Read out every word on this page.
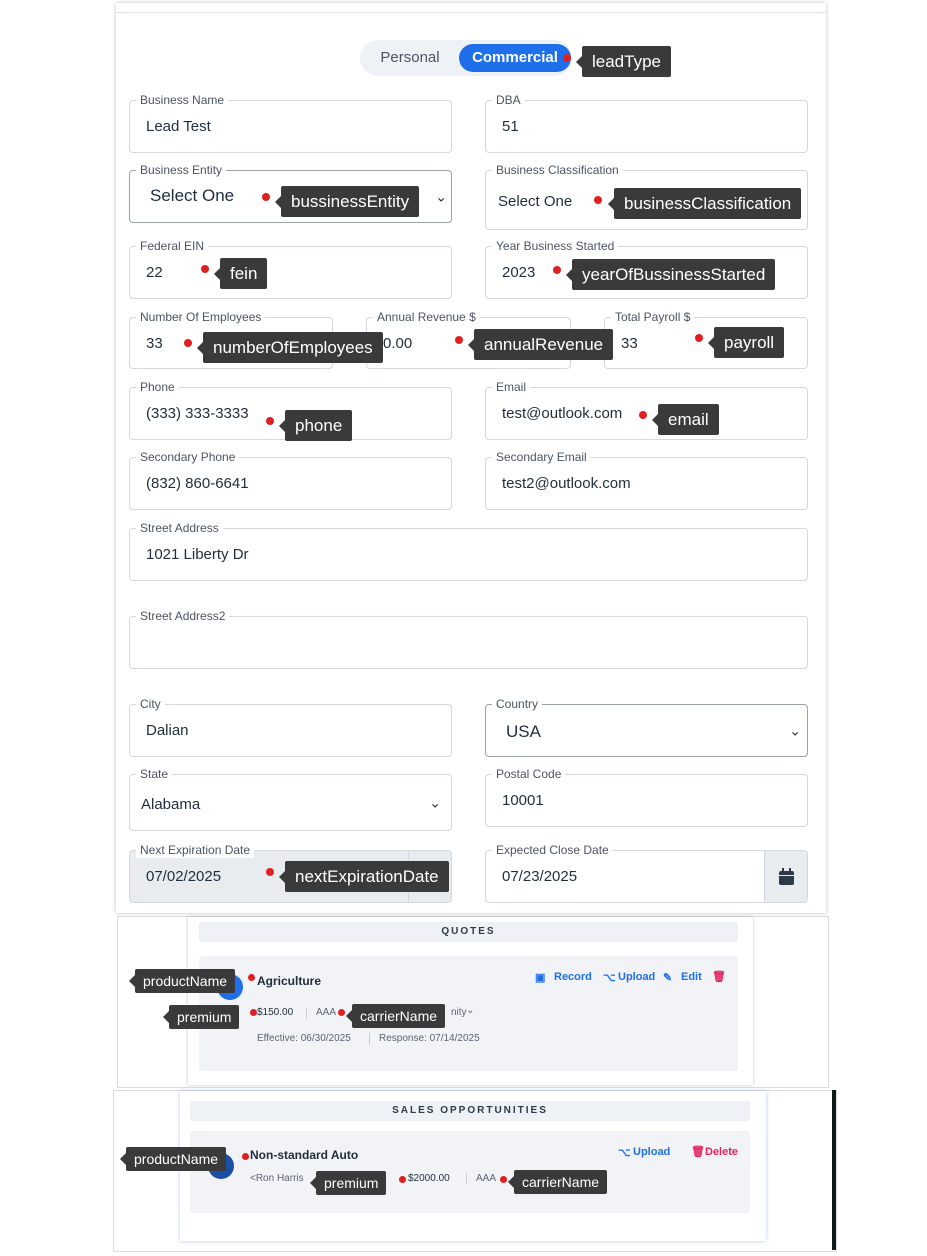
Personal	Commercial	leadType
Business Name
Lead Test
DBA
51
Business Entity
Select One	⌄
bussinessEntity
Business Classification
Select One	businessClassification
Federal EIN
22	fein
Year Business Started
2023	yearOfBussinessStarted
Number Of Employees
33
Annual Revenue $
0.00
Total Payroll $
33
numberOfEmployees	annualRevenue	payroll
Phone
(333) 333-3333
phone
Email
test@outlook.com	email
Secondary Phone
(832) 860-6641
Secondary Email
test2@outlook.com
Street Address
1021 Liberty Dr
Street Address2
City
Dalian
Country
USA	⌄
State
Alabama	⌄
Postal Code
10001
Next Expiration Date
07/02/2025	nextExpirationDate
Expected Close Date
07/23/2025
QUOTES
Agriculture
$150.00 AAA	nity ⌄
Effective: 06/30/2025	Response: 07/14/2025
▣ Record ⌥ Upload ✎ Edit 🗑
productName
premium	carrierName
SALES OPPORTUNITIES
Non-standard Auto
<Ron Harris	$2000.00	AAA
⌥ Upload 🗑 Delete
productName
premium	carrierName
